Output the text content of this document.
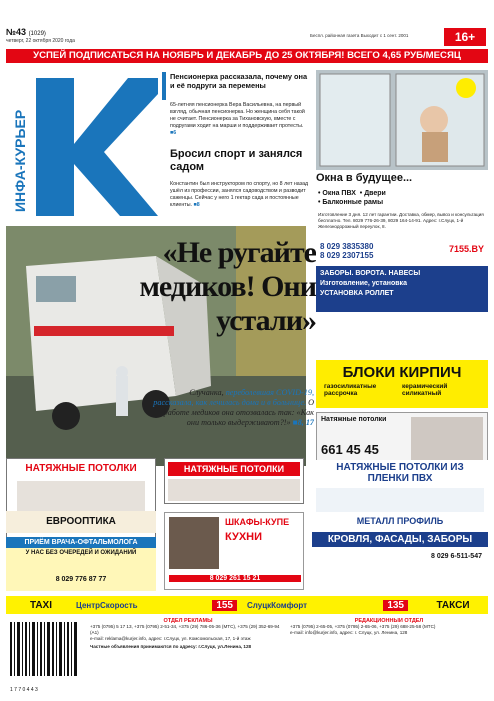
№43 (1029)
четверг, 22 октября 2020 года
Беспл. районная газета Выходит с 1 сент. 2001	16+
УСПЕЙ ПОДПИСАТЬСЯ НА НОЯБРЬ И ДЕКАБРЬ ДО 25 ОКТЯБРЯ! ВСЕГО 4,65 РУБ/МЕСЯЦ
ИНФА-КУРЬЕР
Пенсионерка рассказала, почему она и её подруги за перемены
65-летняя пенсионерка Вера Васильевна, на первый взгляд, обычная пенсионерка. Но женщина себя такой не считает. Пенсионерка за Тихановскую, вместе с подругами ходит на марши и поддерживает протесты. ■6
Бросил спорт и занялся садом
Константин был инструктором по спорту, но 8 лет назад ушёл из профессии, занялся садоводством и разводит саженцы. Сейчас у него 1 гектар сада и постоянные клиенты. ■8
Окна в будущее...
• Окна ПВХ • Двери
• Балконные рамы
Изготовление 3 дня. 12 лет гарантии. Доставка, обмер, вывоз и консультация бесплатно. Тел. 8029 776-26-39, 8029 164-14-91. Адрес: г.Слуцк, 1-й Железнодорожный переулок, 8.
«Не ругайте медиков! Они устали»
Случанка, переболевшая COVID-19, рассказала, как лечилась дома и в больнице. О работе медиков она отозвалась так: «Как они только выдерживают?!» ■8, 17
8 029 3835380
8 029 2307155
7155.BY
ЗАБОРЫ. ВОРОТА. НАВЕСЫ
Изготовление, установка
УСТАНОВКА РОЛЛЕТ
БЛОКИ КИРПИЧ
газосиликатные	керамический
рассрочка	силикатный
Натяжные потолки
661 45 45
НАТЯЖНЫЕ ПОТОЛКИ	НАТЯЖНЫЕ ПОТОЛКИ	НАТЯЖНЫЕ ПОТОЛКИ ИЗ ПЛЕНКИ ПВХ
ЕВРООПТИКА
ПРИЁМ ВРАЧА-ОФТАЛЬМОЛОГА
У НАС БЕЗ ОЧЕРЕДЕЙ И ОЖИДАНИЙ
8 029 776 87 77
ШКАФЫ-КУПЕ
КУХНИ
8 029 261 15 21
МЕТАЛЛ ПРОФИЛЬ
КРОВЛЯ, ФАСАДЫ, ЗАБОРЫ
8 029 6-511-547
TAXI	ЦентрСкорость	155	СлуцкКомфорт	135	ТАКСИ
1 7 7 0 4 4 3
ОТДЕЛ РЕКЛАМЫ
+375 (0795) 5 17 13, +375 (0795) 2-51-34, +375 (29) 786-05-36 (МТС), +375 (29) 352-69-94 (А1)
e-mail: reklama@kurjer.info, адрес: г.Слуцк, ул. Комсомольская, 17, 1-й этаж
Частные объявления принимаются по адресу: г.Слуцк, ул.Ленина, 128
РЕДАКЦИОННЫЙ ОТДЕЛ
+375 (0795) 2-65-05, +375 (0795) 2-65-06, +375 (29) 688-25-58 (МТС)
e-mail: info@kurjer.info, адрес: г. Слуцк, ул. Ленина, 128
